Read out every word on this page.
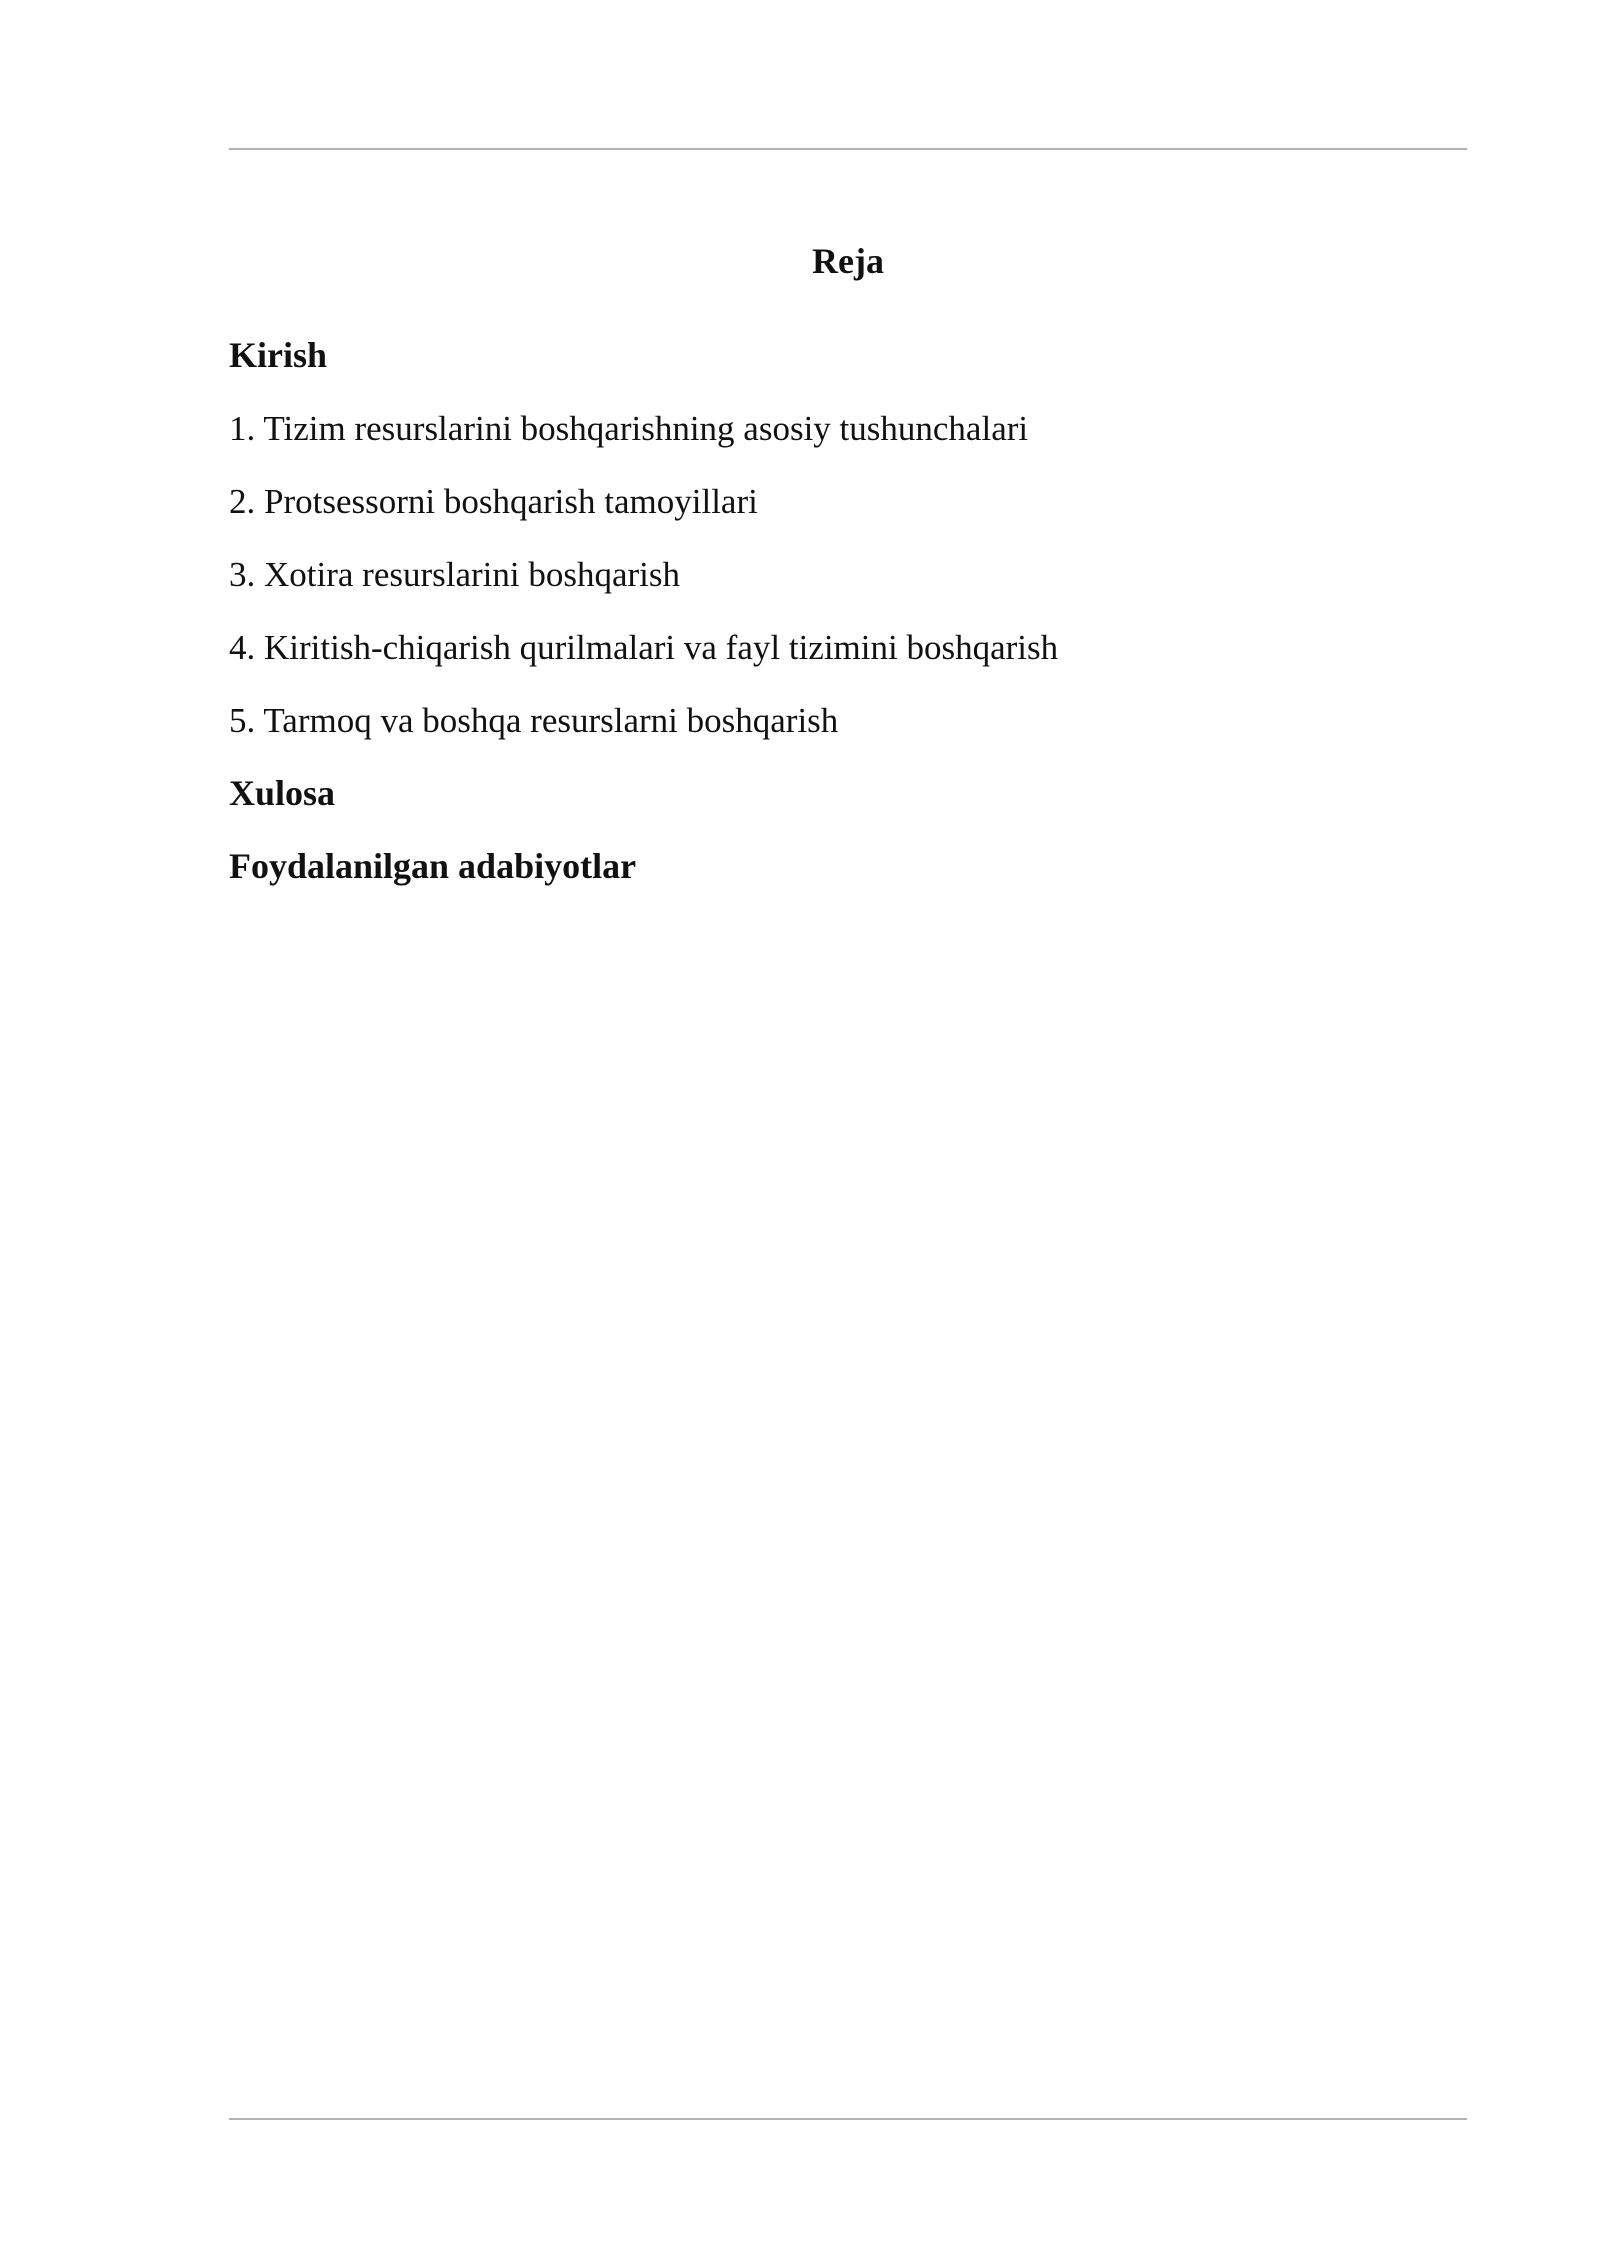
Reja

Kirish

1. Tizim resurslarini boshqarishning asosiy tushunchalari

2. Protsessorni boshqarish tamoyillari

3. Xotira resurslarini boshqarish

4. Kiritish-chiqarish qurilmalari va fayl tizimini boshqarish

5. Tarmoq va boshqa resurslarni boshqarish

Xulosa

Foydalanilgan adabiyotlar
